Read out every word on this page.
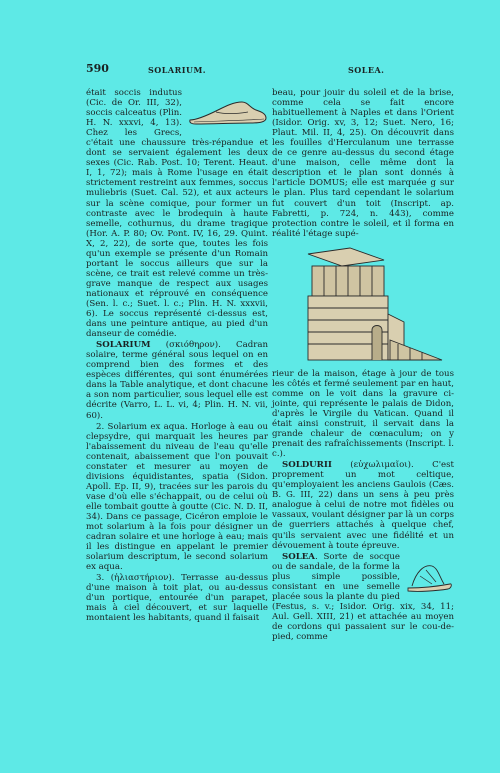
590	SOLARIUM.	SOLEA.

était soccis indutus (Cic. de Or. III, 32), soccis calceatus (Plin. H. N. xxxvi, 4, 13). Chez les Grecs, c'était une chaussure très-répandue et dont se servaient également les deux sexes (Cic. Rab. Post. 10; Terent. Heaut. I, 1, 72); mais à Rome l'usage en était strictement restreint aux femmes, soccus muliebris (Suet. Cal. 52), et aux acteurs sur la scène comique, pour former un contraste avec le brodequin à haute semelle, cothurnus, du drame tragique (Hor. A. P. 80; Ov. Pont. IV, 16, 29. Quint. X, 2, 22), de sorte que, toutes les fois qu'un exemple se présente d'un Romain portant le soccus ailleurs que sur la scène, ce trait est relevé comme un très-grave manque de respect aux usages nationaux et réprouvé en conséquence (Sen. l. c.; Suet. l. c.; Plin. H. N. xxxvii, 6). Le soccus représenté ci-dessus est, dans une peinture antique, au pied d'un danseur de comédie.

SOLARIUM (σκιόθηρον). Cadran solaire, terme général sous lequel on en comprend bien des formes et des espèces différentes, qui sont énumérées dans la Table analytique, et dont chacune a son nom particulier, sous lequel elle est décrite (Varro, L. L. vi, 4; Plin. H. N. vii, 60).

2. Solarium ex aqua. Horloge à eau ou clepsydre, qui marquait les heures par l'abaissement du niveau de l'eau qu'elle contenait, abaissement que l'on pouvait constater et mesurer au moyen de divisions équidistantes, spatia (Sidon. Apoll. Ep. II, 9), tracées sur les parois du vase d'où elle s'échappait, ou de celui où elle tombait goutte à goutte (Cic. N. D. II, 34). Dans ce passage, Cicéron emploie le mot solarium à la fois pour désigner un cadran solaire et une horloge à eau; mais il les distingue en appelant le premier solarium descriptum, le second solarium ex aqua.

3. (ἡλιαστήριον). Terrasse au-dessus d'une maison à toit plat, ou au-dessus d'un portique, entourée d'un parapet, mais à ciel découvert, et sur laquelle montaient les habitants, quand il faisait

beau, pour jouir du soleil et de la brise, comme cela se fait encore habituellement à Naples et dans l'Orient (Isidor. Orig. xv, 3, 12; Suet. Nero, 16; Plaut. Mil. II, 4, 25). On découvrit dans les fouilles d'Herculanum une terrasse de ce genre au-dessus du second étage d'une maison, celle même dont la description et le plan sont donnés à l'article DOMUS; elle est marquée g sur le plan. Plus tard cependant le solarium fut couvert d'un toit (Inscript. ap. Fabretti, p. 724, n. 443), comme protection contre le soleil, et il forma en réalité l'étage supé-

rieur de la maison, étage à jour de tous les côtés et fermé seulement par en haut, comme on le voit dans la gravure ci-jointe, qui représente le palais de Didon, d'après le Virgile du Vatican. Quand il était ainsi construit, il servait dans la grande chaleur de cœnaculum; on y prenait des rafraîchissements (Inscript. l. c.).

SOLDURII (εὐχωλιμαῖοι). C'est proprement un mot celtique, qu'employaient les anciens Gaulois (Cæs. B. G. III, 22) dans un sens à peu près analogue à celui de notre mot fidèles ou vassaux, voulant désigner par là un corps de guerriers attachés à quelque chef, qu'ils servaient avec une fidélité et un dévouement à toute épreuve.

SOLEA. Sorte de socque ou de sandale, de la forme la plus simple possible, consistant en une semelle placée sous la plante du pied (Festus, s. v.; Isidor. Orig. xix, 34, 11; Aul. Gell. XIII, 21) et attachée au moyen de cordons qui passaient sur le cou-de-pied, comme
